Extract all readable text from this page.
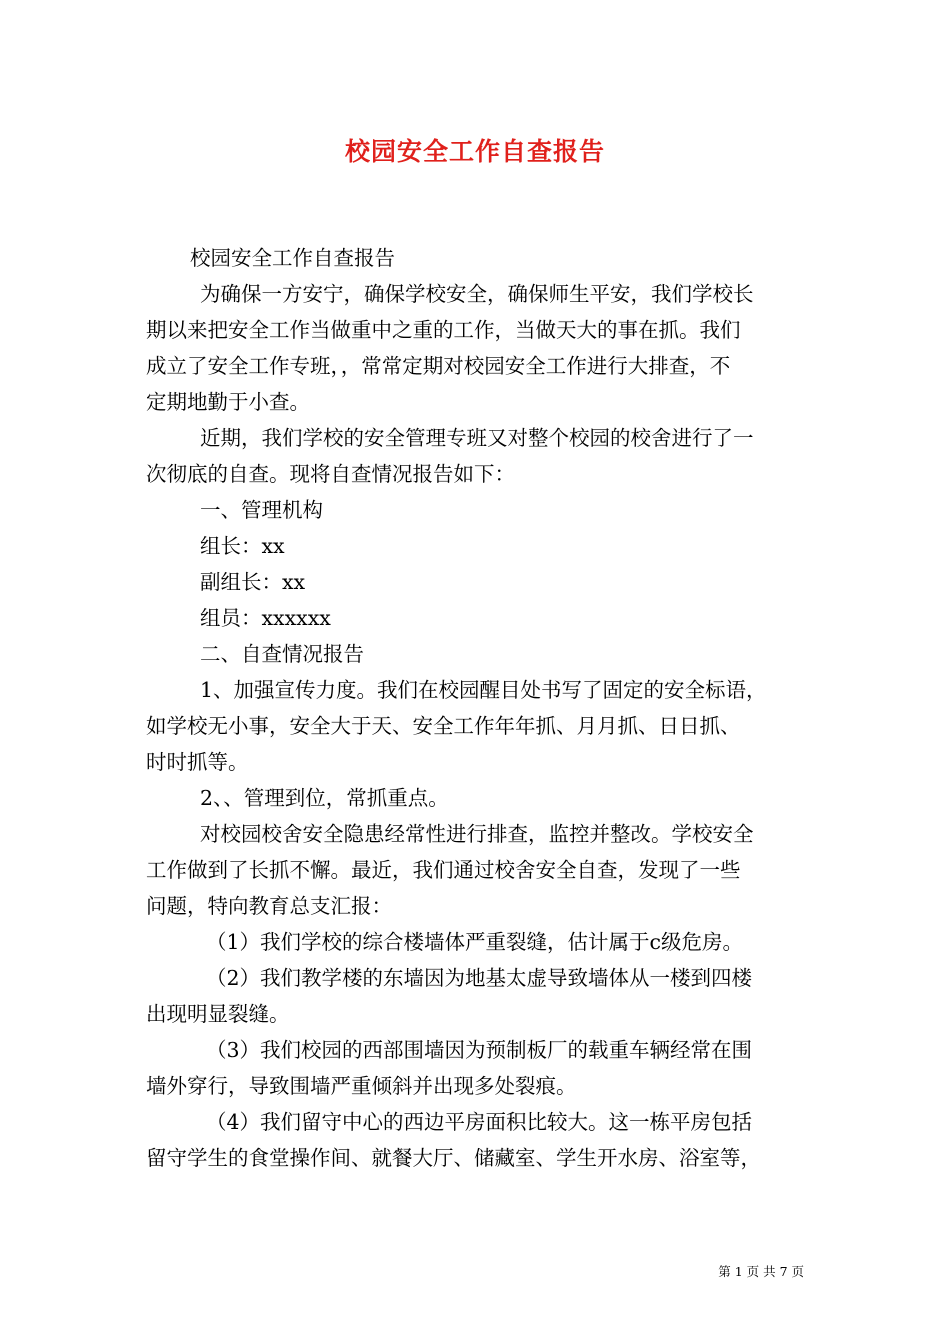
校园安全工作自查报告
校园安全工作自查报告
为确保一方安宁，确保学校安全，确保师生平安，我们学校长
期以来把安全工作当做重中之重的工作，当做天大的事在抓。我们
成立了安全工作专班，，常常定期对校园安全工作进行大排查，不
定期地勤于小查。
近期，我们学校的安全管理专班又对整个校园的校舍进行了一
次彻底的自查。现将自查情况报告如下：
一、管理机构
组长：xx
副组长：xx
组员：xxxxxx
二、自查情况报告
1、加强宣传力度。我们在校园醒目处书写了固定的安全标语，
如学校无小事，安全大于天、安全工作年年抓、月月抓、日日抓、
时时抓等。
2、、管理到位，常抓重点。
对校园校舍安全隐患经常性进行排查，监控并整改。学校安全
工作做到了长抓不懈。最近，我们通过校舍安全自查，发现了一些
问题，特向教育总支汇报：
（1）我们学校的综合楼墙体严重裂缝，估计属于c级危房。
（2）我们教学楼的东墙因为地基太虚导致墙体从一楼到四楼
出现明显裂缝。
（3）我们校园的西部围墙因为预制板厂的载重车辆经常在围
墙外穿行，导致围墙严重倾斜并出现多处裂痕。
（4）我们留守中心的西边平房面积比较大。这一栋平房包括
留守学生的食堂操作间、就餐大厅、储藏室、学生开水房、浴室等，
第 1 页 共 7 页
